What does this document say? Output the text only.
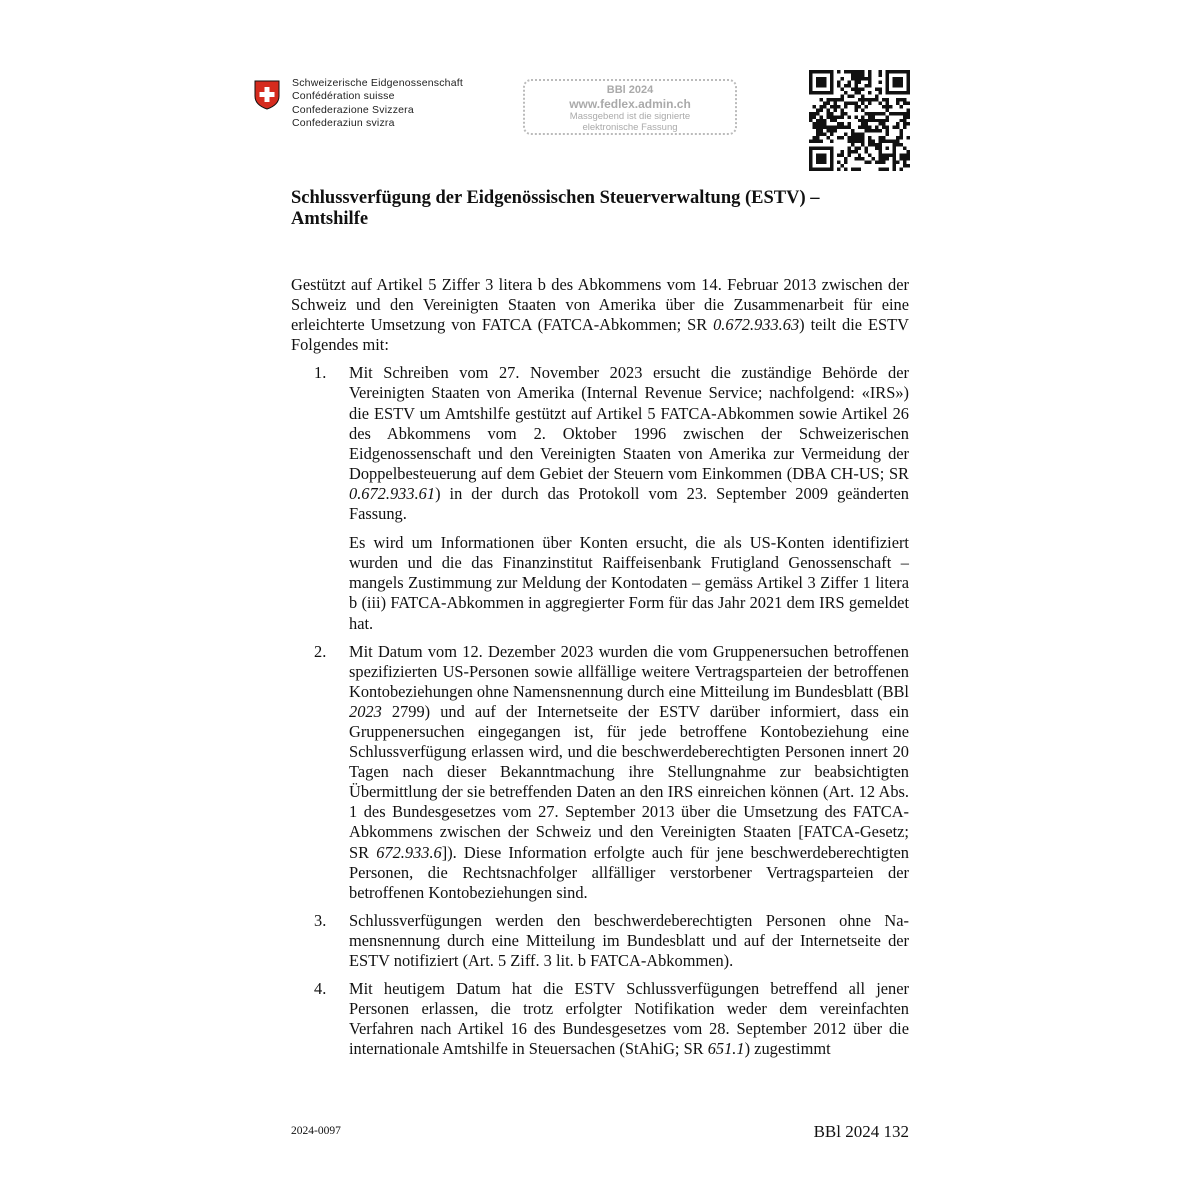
Schweizerische Eidgenossenschaft
Confédération suisse
Confederazione Svizzera
Confederaziun svizra
BBl 2024
www.fedlex.admin.ch
Massgebend ist die signierte
elektronische Fassung
Schlussverfügung der Eidgenössischen Steuerverwaltung (ESTV) –
Amtshilfe

Gestützt auf Artikel 5 Ziffer 3 litera b des Abkommens vom 14. Februar 2013 zwischen der Schweiz und den Vereinigten Staaten von Amerika über die Zusammenarbeit für eine erleichterte Umsetzung von FATCA (FATCA-Abkommen; SR 0.672.933.63) teilt die ESTV Folgendes mit:

1. Mit Schreiben vom 27. November 2023 ersucht die zuständige Behörde der Vereinigten Staaten von Amerika (Internal Revenue Service; nachfolgend: «IRS») die ESTV um Amtshilfe gestützt auf Artikel 5 FATCA-Abkommen sowie Artikel 26 des Abkommens vom 2. Oktober 1996 zwischen der Schweizerischen Eidgenossenschaft und den Vereinigten Staaten von Amerika zur Vermeidung der Doppelbesteuerung auf dem Gebiet der Steuern vom Einkommen (DBA CH-US; SR 0.672.933.61) in der durch das Protokoll vom 23. September 2009 geänderten Fassung.

Es wird um Informationen über Konten ersucht, die als US-Konten identifiziert wurden und die das Finanzinstitut Raiffeisenbank Frutigland Genossenschaft – mangels Zustimmung zur Meldung der Kontodaten – gemäss Artikel 3 Ziffer 1 litera b (iii) FATCA-Abkommen in aggregierter Form für das Jahr 2021 dem IRS gemeldet hat.

2. Mit Datum vom 12. Dezember 2023 wurden die vom Gruppenersuchen betroffenen spezifizierten US-Personen sowie allfällige weitere Vertragsparteien der betroffenen Kontobeziehungen ohne Namensnennung durch eine Mitteilung im Bundesblatt (BBl 2023 2799) und auf der Internetseite der ESTV darüber informiert, dass ein Gruppenersuchen eingegangen ist, für jede betroffene Kontobeziehung eine Schlussverfügung erlassen wird, und die beschwerdeberechtigten Personen innert 20 Tagen nach dieser Bekanntmachung ihre Stellungnahme zur beabsichtigten Übermittlung der sie betreffenden Daten an den IRS einreichen können (Art. 12 Abs. 1 des Bundesgesetzes vom 27. September 2013 über die Umsetzung des FATCA-Abkommens zwischen der Schweiz und den Vereinigten Staaten [FATCA-Gesetz; SR 672.933.6]). Diese Information erfolgte auch für jene beschwerdeberechtigten Personen, die Rechtsnachfolger allfälliger verstorbener Vertragsparteien der betroffenen Kontobeziehungen sind.

3. Schlussverfügungen werden den beschwerdeberechtigten Personen ohne Namensnennung durch eine Mitteilung im Bundesblatt und auf der Internetseite der ESTV notifiziert (Art. 5 Ziff. 3 lit. b FATCA-Abkommen).

4. Mit heutigem Datum hat die ESTV Schlussverfügungen betreffend all jener Personen erlassen, die trotz erfolgter Notifikation weder dem vereinfachten Verfahren nach Artikel 16 des Bundesgesetzes vom 28. September 2012 über die internationale Amtshilfe in Steuersachen (StAhiG; SR 651.1) zugestimmt

2024-0097	BBl 2024 132
